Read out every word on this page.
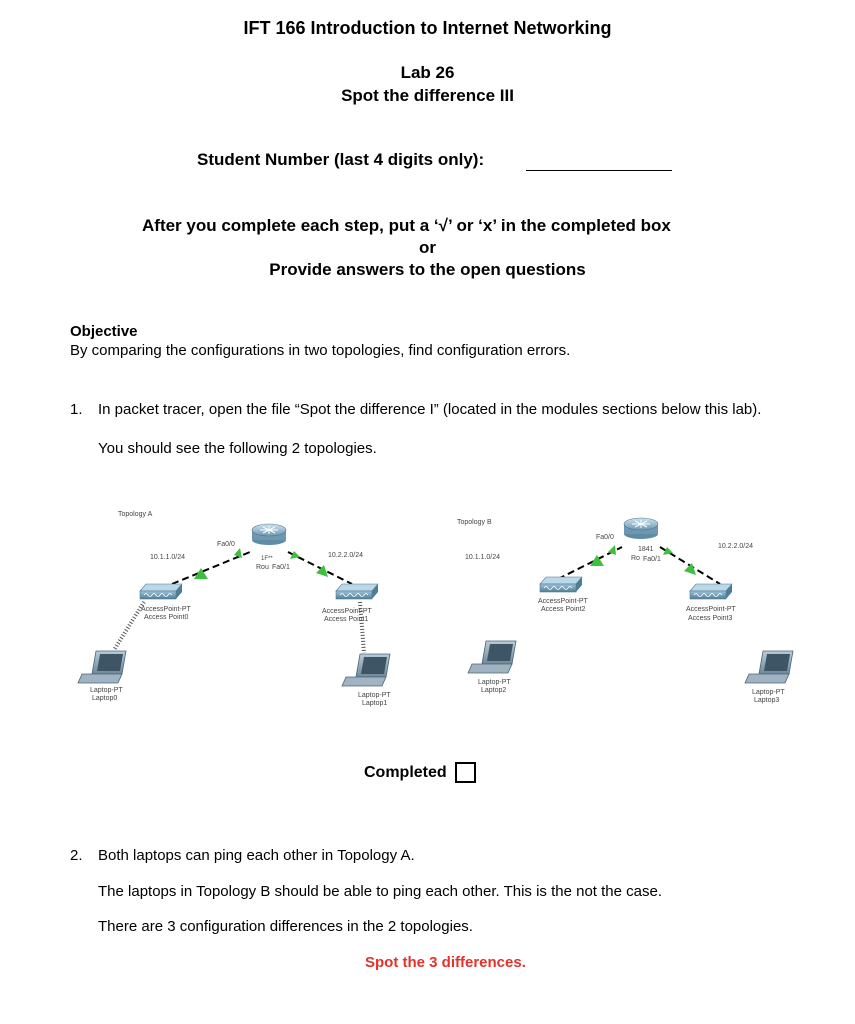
IFT 166 Introduction to Internet Networking
Lab 26
Spot the difference III
Student Number (last 4 digits only):
After you complete each step, put a ‘√’ or ‘x’ in the completed box
or
Provide answers to the open questions
Objective
By comparing the configurations in two topologies, find configuration errors.
1. In packet tracer, open the file “Spot the difference I” (located in the modules sections below this lab).
You should see the following 2 topologies.
Topology A
Fa0/0
1F**
Rou Fa0/1
10.1.1.0/24	10.2.2.0/24
AccessPoint-PT
Access Point0
AccessPoint-PT
Access Point1
Laptop-PT
Laptop0	Laptop-PT
Laptop1
Topology B
Fa0/0
1841
Ro Fa0/1
10.1.1.0/24
10.2.2.0/24
AccessPoint-PT
Access Point2	AccessPoint-PT
Access Point3
Laptop-PT
Laptop2	Laptop-PT
Laptop3
Completed
2. Both laptops can ping each other in Topology A.
The laptops in Topology B should be able to ping each other. This is the not the case.
There are 3 configuration differences in the 2 topologies.
Spot the 3 differences.
